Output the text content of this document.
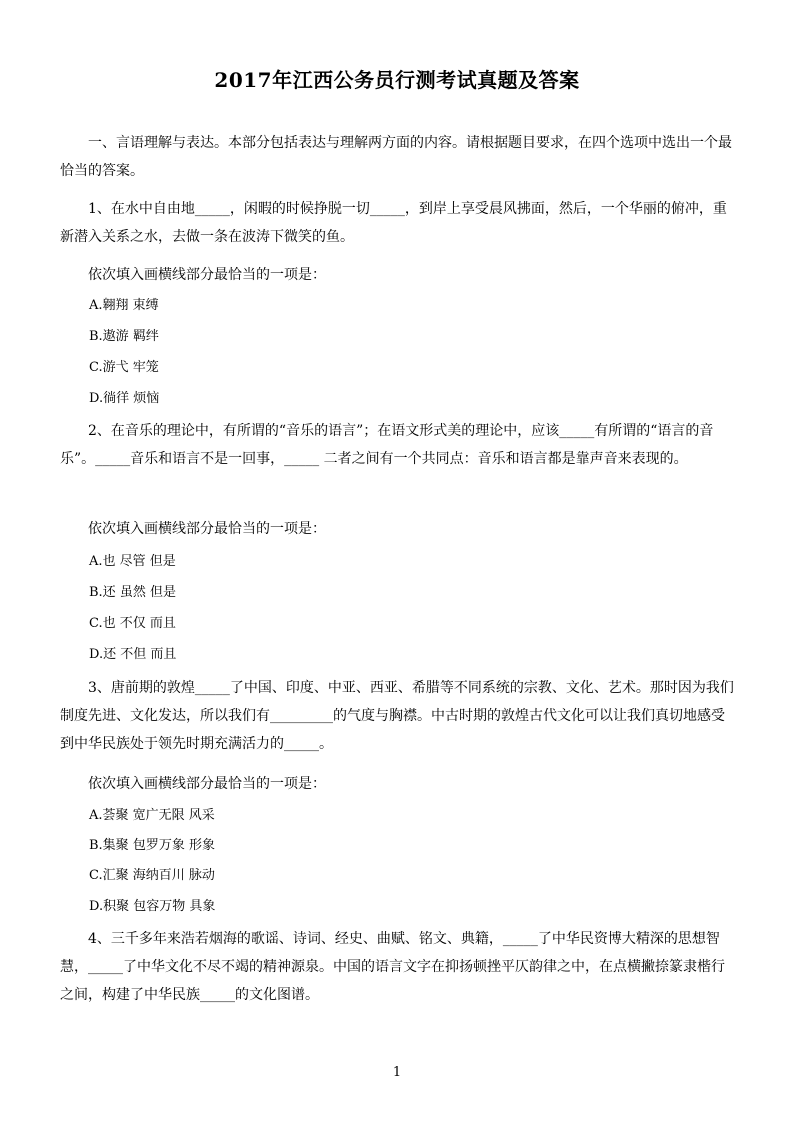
2017年江西公务员行测考试真题及答案
一、言语理解与表达。本部分包括表达与理解两方面的内容。请根据题目要求，在四个选项中选出一个最恰当的答案。
1、在水中自由地_____，闲暇的时候挣脱一切_____，到岸上享受晨风拂面，然后，一个华丽的俯冲，重新潜入关系之水，去做一条在波涛下微笑的鱼。
依次填入画横线部分最恰当的一项是：
A.翱翔 束缚
B.遨游 羁绊
C.游弋 牢笼
D.徜徉 烦恼
2、在音乐的理论中，有所谓的“音乐的语言”；在语文形式美的理论中，应该_____有所谓的“语言的音乐”。_____音乐和语言不是一回事，_____ 二者之间有一个共同点：音乐和语言都是靠声音来表现的。
依次填入画横线部分最恰当的一项是：
A.也 尽管 但是
B.还 虽然 但是
C.也 不仅 而且
D.还 不但 而且
3、唐前期的敦煌_____了中国、印度、中亚、西亚、希腊等不同系统的宗教、文化、艺术。那时因为我们制度先进、文化发达，所以我们有_________的气度与胸襟。中古时期的敦煌古代文化可以让我们真切地感受到中华民族处于领先时期充满活力的_____。
依次填入画横线部分最恰当的一项是：
A.荟聚 宽广无限 风采
B.集聚 包罗万象 形象
C.汇聚 海纳百川 脉动
D.积聚 包容万物 具象
4、三千多年来浩若烟海的歌谣、诗词、经史、曲赋、铭文、典籍，_____了中华民资博大精深的思想智慧，_____了中华文化不尽不竭的精神源泉。中国的语言文字在抑扬顿挫平仄韵律之中，在点横撇捺篆隶楷行之间，构建了中华民族_____的文化图谱。
1
